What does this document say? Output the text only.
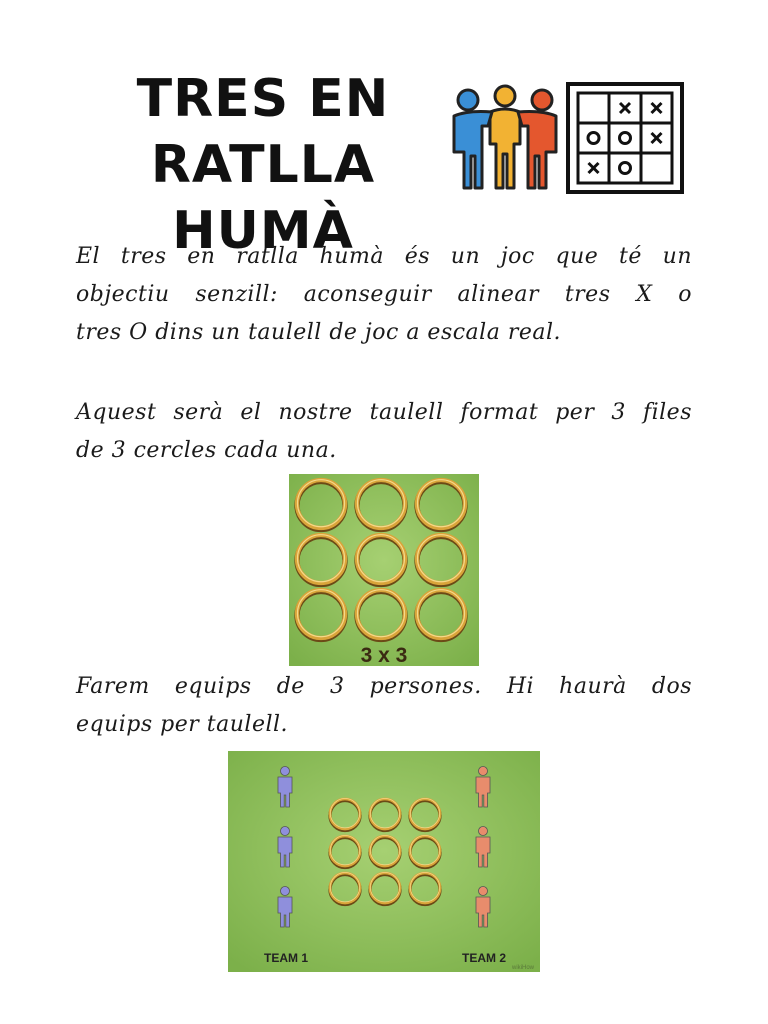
TRES EN
RATLLA HUMÀ
El tres en ratlla humà és un joc que té un
objectiu senzill: aconseguir alinear tres X o
tres O dins un taulell de joc a escala real.
Aquest serà el nostre taulell format per 3 files
de 3 cercles cada una.
3 x 3
Farem equips de 3 persones. Hi haurà dos
equips per taulell.
TEAM 1	TEAM 2
wikiHow
